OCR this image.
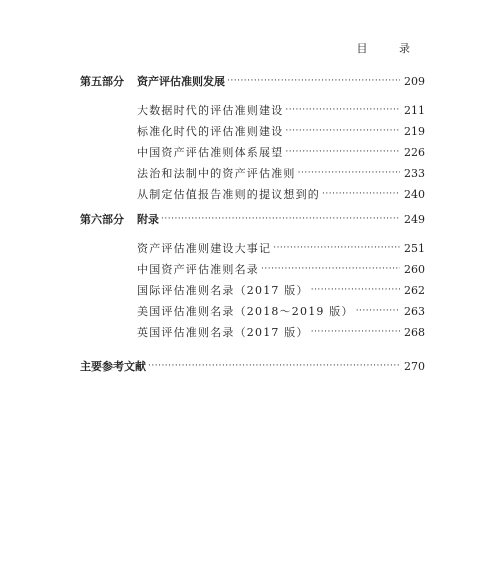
目 录
第五部分	资产评估准则发展 ·····	209
大数据时代的评估准则建设 ·····	211
标准化时代的评估准则建设 ·····	219
中国资产评估准则体系展望 ·····	226
法治和法制中的资产评估准则 ·····	233
从制定估值报告准则的提议想到的 ·····	240
第六部分	附录 ·····	249
资产评估准则建设大事记 ·····	251
中国资产评估准则名录 ·····	260
国际评估准则名录（2017 版） ·····	262
美国评估准则名录（2018～2019 版） ·····	263
英国评估准则名录（2017 版） ·····	268
主要参考文献 ·····	270
